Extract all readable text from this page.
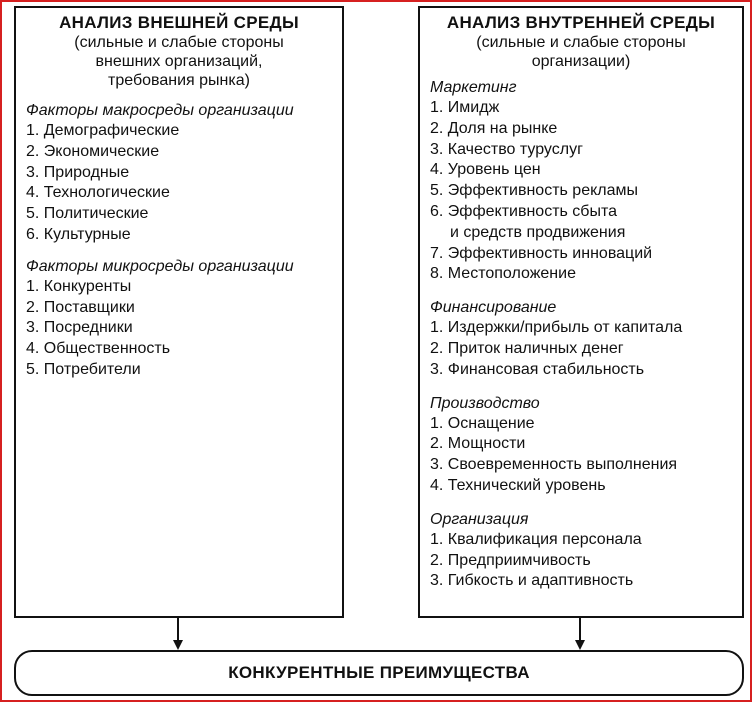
АНАЛИЗ ВНЕШНЕЙ СРЕДЫ
(сильные и слабые стороны
внешних организаций,
требования рынка)
Факторы макросреды организации
1. Демографические
2. Экономические
3. Природные
4. Технологические
5. Политические
6. Культурные
Факторы микросреды организации
1. Конкуренты
2. Поставщики
3. Посредники
4. Общественность
5. Потребители
АНАЛИЗ ВНУТРЕННЕЙ СРЕДЫ
(сильные и слабые стороны
организации)
Маркетинг
1. Имидж
2. Доля на рынке
3. Качество туруслуг
4. Уровень цен
5. Эффективность рекламы
6. Эффективность сбыта
и средств продвижения
7. Эффективность инноваций
8. Местоположение
Финансирование
1. Издержки/прибыль от капитала
2. Приток наличных денег
3. Финансовая стабильность
Производство
1. Оснащение
2. Мощности
3. Своевременность выполнения
4. Технический уровень
Организация
1. Квалификация персонала
2. Предприимчивость
3. Гибкость и адаптивность
КОНКУРЕНТНЫЕ ПРЕИМУЩЕСТВА
